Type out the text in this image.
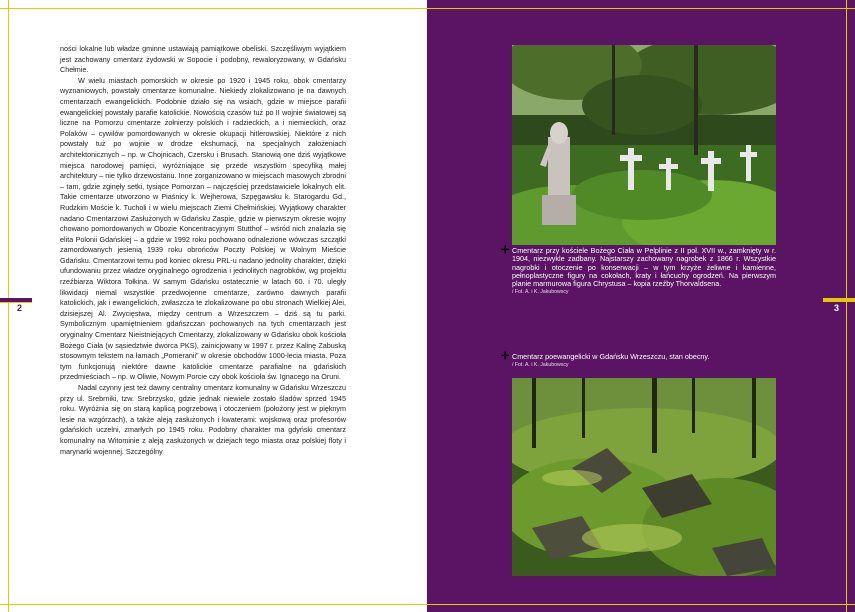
2	3

ności lokalne lub władze gminne ustawiają pamiątkowe obeliski. Szczęśliwym wyjątkiem jest zachowany cmentarz żydowski w Sopocie i podobny, rewaloryzowany, w Gdańsku Chełmie.

W wielu miastach pomorskich w okresie po 1920 i 1945 roku, obok cmentarzy wyznaniowych, powstały cmentarze komunalne. Niekiedy zlokalizowano je na dawnych cmentarzach ewangelickich. Podobnie działo się na wsiach, gdzie w miejsce parafii ewangelickiej powstały parafie katolickie. Nowością czasów tuż po II wojnie światowej są liczne na Pomorzu cmentarze żołnierzy polskich i radzieckich, a i niemieckich, oraz Polaków – cywilów pomordowanych w okresie okupacji hitlerowskiej. Niektóre z nich powstały tuż po wojnie w drodze ekshumacji, na specjalnych założeniach architektonicznych – np. w Chojnicach, Czersku i Brusach. Stanowią one dziś wyjątkowe miejsca narodowej pamięci, wyróżniające się przede wszystkim specyfiką małej architektury – nie tylko drzewostanu. Inne zorganizowano w miejscach masowych zbrodni – tam, gdzie zginęły setki, tysiące Pomorzan – najczęściej przedstawiciele lokalnych elit. Takie cmentarze utworzono w Piaśnicy k. Wejherowa, Szpęgawsku k. Starogardu Gd., Rudzkim Moście k. Tucholi i w wielu miejscach Ziemi Chełmińskiej. Wyjątkowy charakter nadano Cmentarzowi Zasłużonych w Gdańsku Zaspie, gdzie w pierwszym okresie wojny chowano pomordowanych w Obozie Koncentracyjnym Stutthof – wśród nich znalazła się elita Polonii Gdańskiej – a gdzie w 1992 roku pochowano odnalezione wówczas szczątki zamordowanych jesienią 1939 roku obrońców Poczty Polskiej w Wolnym Mieście Gdańsku. Cmentarzowi temu pod koniec okresu PRL-u nadano jednolity charakter, dzięki ufundowaniu przez władze oryginalnego ogrodzenia i jednolitych nagrobków, wg projektu rzeźbiarza Wiktora Tołkina. W samym Gdańsku ostatecznie w latach 60. i 70. uległy likwidacji niemal wszystkie przedwojenne cmentarze, zarówno dawnych parafii katolickich, jak i ewangelickich, zwłaszcza te zlokalizowane po obu stronach Wielkiej Alei, dzisiejszej Al. Zwycięstwa, między centrum a Wrzeszczem – dziś są tu parki. Symbolicznym upamiętnieniem gdańszczan pochowanych na tych cmentarzach jest oryginalny Cmentarz Nieistniejących Cmentarzy, zlokalizowany w Gdańsku obok kościoła Bożego Ciała (w sąsiedztwie dworca PKS), zainicjowany w 1997 r. przez Kalinę Zabuską stosownym tekstem na łamach „Pomeranii” w okresie obchodów 1000-lecia miasta. Poza tym funkcjonują niektóre dawne katolickie cmentarze parafialne na gdańskich przedmieściach – np. w Oliwie, Nowym Porcie czy obok kościoła św. Ignacego na Oruni.

Nadal czynny jest też dawny centralny cmentarz komunalny w Gdańsku Wrzeszczu przy ul. Srebrniki, tzw. Srebrzysko, gdzie jednak niewiele zostało śladów sprzed 1945 roku. Wyróżnia się on starą kaplicą pogrzebową i otoczeniem (położony jest w pięknym lesie na wzgórzach), a także aleją zasłużonych i kwaterami: wojskową oraz profesorów gdańskich uczelni, zmarłych po 1945 roku. Podobny charakter ma gdyński cmentarz komunalny na Witominie z aleją zasłużonych w dziejach tego miasta oraz polskiej floty i marynarki wojennej. Szczególny

✛ Cmentarz przy kościele Bożego Ciała w Pelplinie z II poł. XVII w., zamknięty w r. 1904, niezwykle zadbany. Najstarszy zachowany nagrobek z 1866 r. Wszystkie nagrobki i otoczenie po konserwacji – w tym krzyże żeliwne i kamienne, pełnoplastyczne figury na cokołach, kraty i łańcuchy ogrodzeń. Na pierwszym planie marmurowa figura Chrystusa – kopia rzeźby Thorvaldsena.
/ Fot. A. i K. Jakubowscy
✛ Cmentarz poewangelicki w Gdańsku Wrzeszczu, stan obecny.
/ Fot. A. i K. Jakubowscy
